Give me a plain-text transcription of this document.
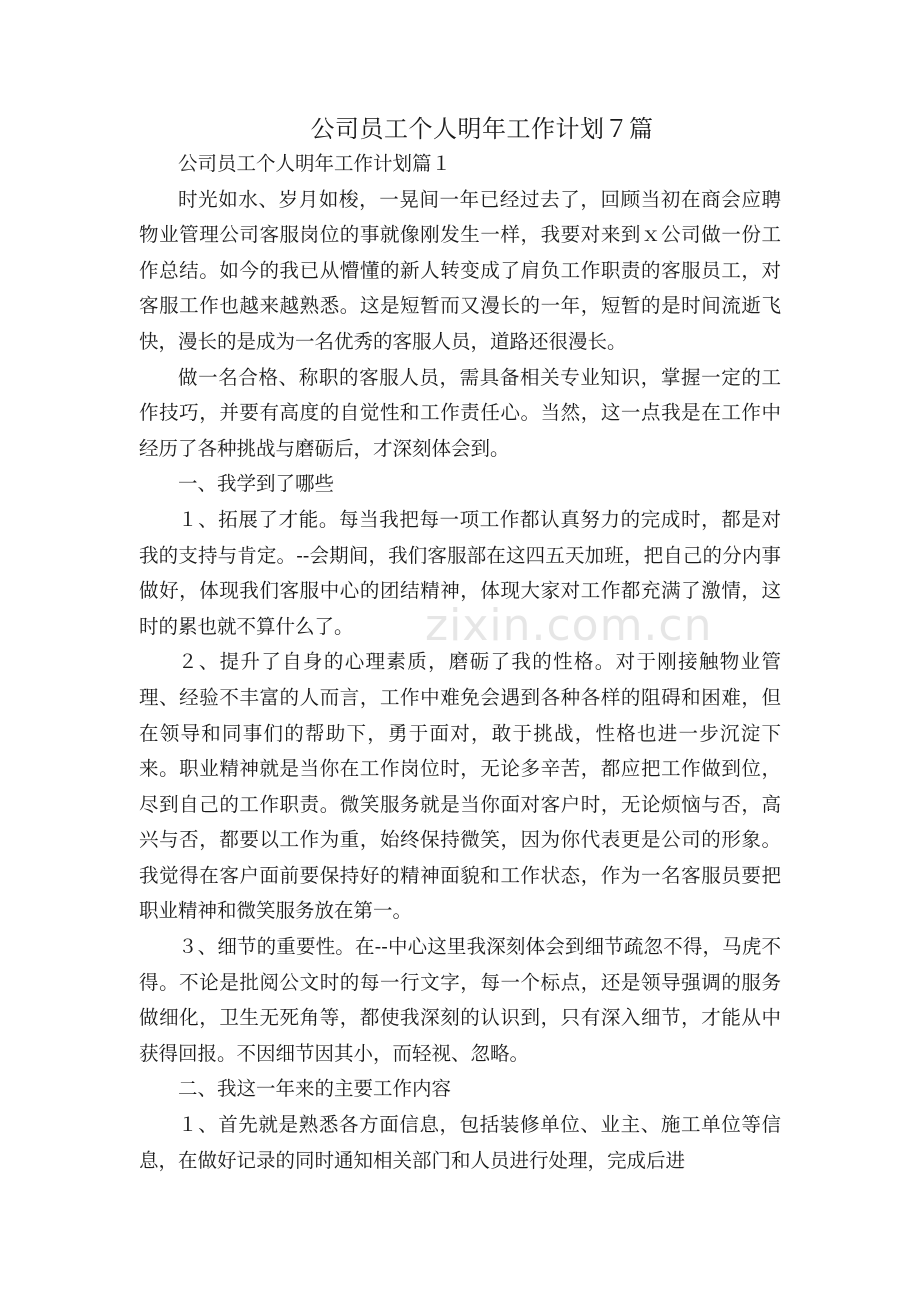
公司员工个人明年工作计划７篇

公司员工个人明年工作计划篇１

时光如水、岁月如梭，一晃间一年已经过去了，回顾当初在商会应聘物业管理公司客服岗位的事就像刚发生一样，我要对来到ｘ公司做一份工作总结。如今的我已从懵懂的新人转变成了肩负工作职责的客服员工，对客服工作也越来越熟悉。这是短暂而又漫长的一年，短暂的是时间流逝飞快，漫长的是成为一名优秀的客服人员，道路还很漫长。

做一名合格、称职的客服人员，需具备相关专业知识，掌握一定的工作技巧，并要有高度的自觉性和工作责任心。当然，这一点我是在工作中经历了各种挑战与磨砺后，才深刻体会到。

一、我学到了哪些

１、拓展了才能。每当我把每一项工作都认真努力的完成时，都是对我的支持与肯定。--会期间，我们客服部在这四五天加班，把自己的分内事做好，体现我们客服中心的团结精神，体现大家对工作都充满了激情，这时的累也就不算什么了。

２、提升了自身的心理素质，磨砺了我的性格。对于刚接触物业管理、经验不丰富的人而言，工作中难免会遇到各种各样的阻碍和困难，但在领导和同事们的帮助下，勇于面对，敢于挑战，性格也进一步沉淀下来。职业精神就是当你在工作岗位时，无论多辛苦，都应把工作做到位，尽到自己的工作职责。微笑服务就是当你面对客户时，无论烦恼与否，高兴与否，都要以工作为重，始终保持微笑，因为你代表更是公司的形象。我觉得在客户面前要保持好的精神面貌和工作状态，作为一名客服员要把职业精神和微笑服务放在第一。

３、细节的重要性。在--中心这里我深刻体会到细节疏忽不得，马虎不得。不论是批阅公文时的每一行文字，每一个标点，还是领导强调的服务做细化，卫生无死角等，都使我深刻的认识到，只有深入细节，才能从中获得回报。不因细节因其小，而轻视、忽略。

二、我这一年来的主要工作内容

１、首先就是熟悉各方面信息，包括装修单位、业主、施工单位等信息，在做好记录的同时通知相关部门和人员进行处理，完成后进

zixin.com.cn
